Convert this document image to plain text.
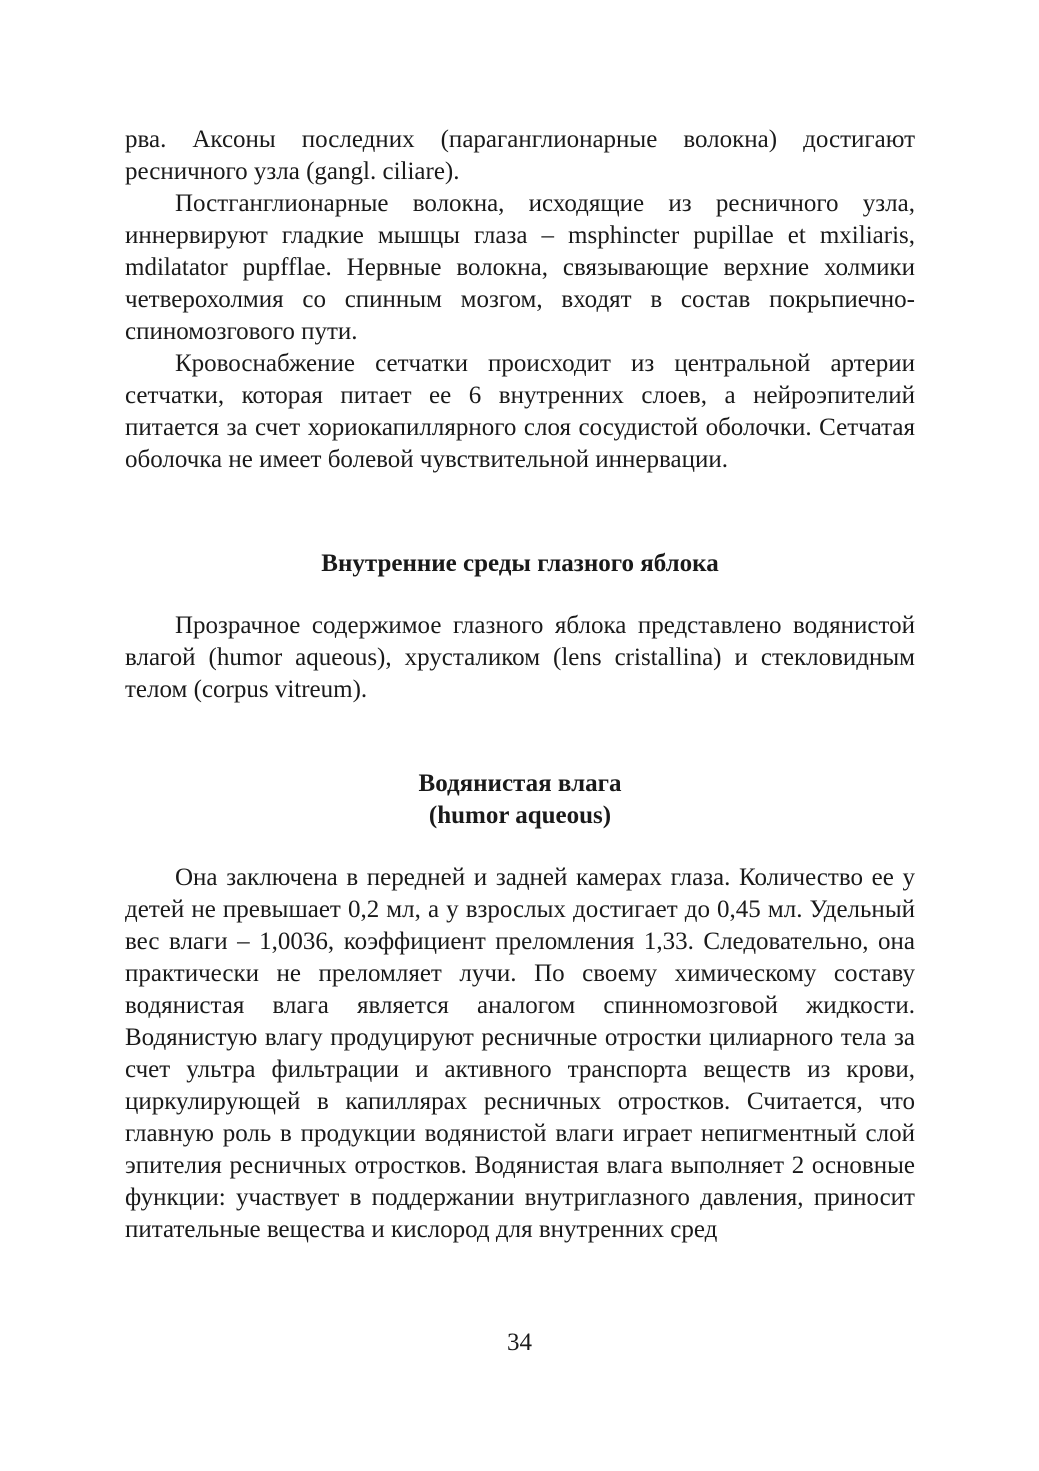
рва. Аксоны последних (параганглионарные волокна) достигают ресничного узла (gangl. ciliare).

Постганглионарные волокна, исходящие из ресничного узла, иннервируют гладкие мышцы глаза – msphincter pupillae et mxiliaris, mdilatator pupfflae. Нервные волокна, связывающие верхние холмики четверохолмия со спинным мозгом, входят в состав покрьпиечно-спиномозгового пути.

Кровоснабжение сетчатки происходит из центральной артерии сетчатки, которая питает ее 6 внутренних слоев, а нейроэпителий питается за счет хориокапиллярного слоя сосудистой оболочки. Сетчатая оболочка не имеет болевой чувствительной иннервации.

Внутренние среды глазного яблока

Прозрачное содержимое глазного яблока представлено водянистой влагой (humor aqueous), хрусталиком (lens cristallina) и стекловидным телом (corpus vitreum).

Водянистая влага
(humor aqueous)

Она заключена в передней и задней камерах глаза. Количество ее у детей не превышает 0,2 мл, а у взрослых достигает до 0,45 мл. Удельный вес влаги – 1,0036, коэффициент преломления 1,33. Следовательно, она практически не преломляет лучи. По своему химическому составу водянистая влага является аналогом спинномозговой жидкости. Водянистую влагу продуцируют ресничные отростки цилиарного тела за счет ультра фильтрации и активного транспорта веществ из крови, циркулирующей в капиллярах ресничных отростков. Считается, что главную роль в продукции водянистой влаги играет непигментный слой эпителия ресничных отростков. Водянистая влага выполняет 2 основные функции: участвует в поддержании внутриглазного давления, приносит питательные вещества и кислород для внутренних сред

34
